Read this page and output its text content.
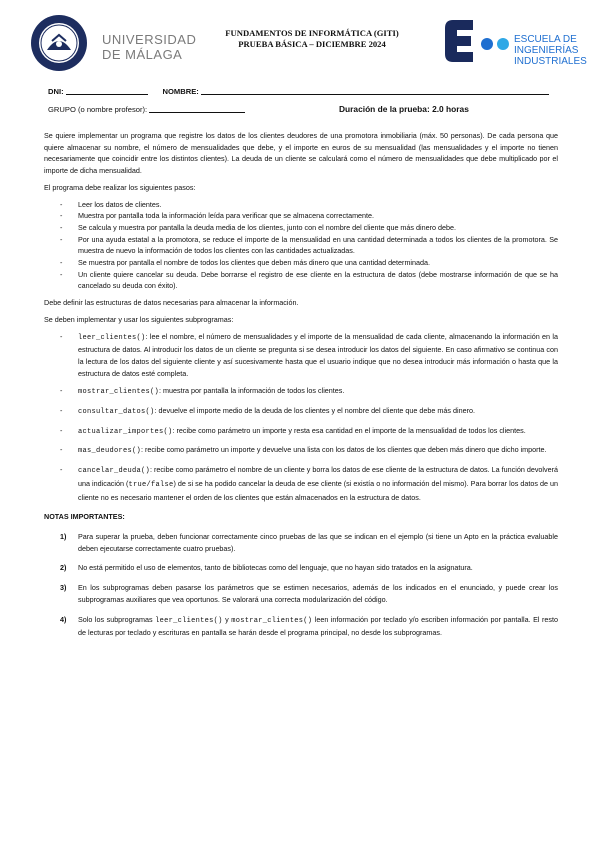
UNIVERSIDAD
DE MÁLAGA
FUNDAMENTOS DE INFORMÁTICA (GITI)
PRUEBA BÁSICA – DICIEMBRE 2024	ESCUELA DE
INGENIERÍAS
INDUSTRIALES
DNI:	NOMBRE:
GRUPO (o nombre profesor):	Duración de la prueba: 2.0 horas

Se quiere implementar un programa que registre los datos de los clientes deudores de una promotora inmobiliaria (máx. 50 personas). De cada persona que quiere almacenar su nombre, el número de mensualidades que debe, y el importe en euros de su mensualidad (las mensualidades y el importe no tienen necesariamente que coincidir entre los distintos clientes). La deuda de un cliente se calculará como el número de mensualidades que debe multiplicado por el importe de dicha mensualidad.

El programa debe realizar los siguientes pasos:

- Leer los datos de clientes.
- Muestra por pantalla toda la información leída para verificar que se almacena correctamente.
- Se calcula y muestra por pantalla la deuda media de los clientes, junto con el nombre del cliente que más dinero debe.
- Por una ayuda estatal a la promotora, se reduce el importe de la mensualidad en una cantidad determinada a todos los clientes de la promotora. Se muestra de nuevo la información de todos los clientes con las cantidades actualizadas.
- Se muestra por pantalla el nombre de todos los clientes que deben más dinero que una cantidad determinada.
- Un cliente quiere cancelar su deuda. Debe borrarse el registro de ese cliente en la estructura de datos (debe mostrarse información de que se ha cancelado su deuda con éxito).

Debe definir las estructuras de datos necesarias para almacenar la información.

Se deben implementar y usar los siguientes subprogramas:

- leer_clientes(): lee el nombre, el número de mensualidades y el importe de la mensualidad de cada cliente, almacenando la información en la estructura de datos. Al introducir los datos de un cliente se pregunta si se desea introducir los datos del siguiente. En caso afirmativo se continua con la lectura de los datos del siguiente cliente y así sucesivamente hasta que el usuario indique que no desea introducir más información o hasta que la estructura de datos esté completa.
- mostrar_clientes(): muestra por pantalla la información de todos los clientes.
- consultar_datos(): devuelve el importe medio de la deuda de los clientes y el nombre del cliente que debe más dinero.
- actualizar_importes(): recibe como parámetro un importe y resta esa cantidad en el importe de la mensualidad de todos los clientes.
- mas_deudores(): recibe como parámetro un importe y devuelve una lista con los datos de los clientes que deben más dinero que dicho importe.
- cancelar_deuda(): recibe como parámetro el nombre de un cliente y borra los datos de ese cliente de la estructura de datos. La función devolverá una indicación (true/false) de si se ha podido cancelar la deuda de ese cliente (si existía o no información del mismo). Para borrar los datos de un cliente no es necesario mantener el orden de los clientes que están almacenados en la estructura de datos.
NOTAS IMPORTANTES:
1) Para superar la prueba, deben funcionar correctamente cinco pruebas de las que se indican en el ejemplo (si tiene un Apto en la práctica evaluable deben ejecutarse correctamente cuatro pruebas).
2) No está permitido el uso de elementos, tanto de bibliotecas como del lenguaje, que no hayan sido tratados en la asignatura.
3) En los subprogramas deben pasarse los parámetros que se estimen necesarios, además de los indicados en el enunciado, y puede crear los subprogramas auxiliares que vea oportunos. Se valorará una correcta modularización del código.
4) Solo los subprogramas leer_clientes() y mostrar_clientes() leen información por teclado y/o escriben información por pantalla. El resto de lecturas por teclado y escrituras en pantalla se harán desde el programa principal, no desde los subprogramas.
